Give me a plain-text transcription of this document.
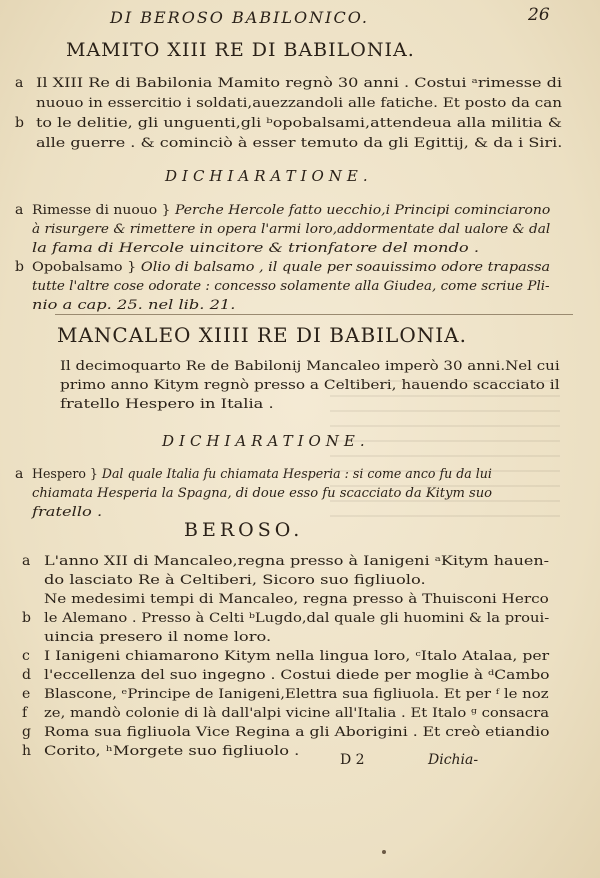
DI BEROSO BABILONICO.	26
MAMITO XIII RE DI BABILONIA.
a Il XIII Re di Babilonia Mamito regnò 30 anni . Costui ᵃrimesse di
nuouo in essercitio i soldati,auezzandoli alle fatiche. Et posto da can
b to le delitie, gli unguenti,gli ᵇopobalsami,attendeua alla militia &
alle guerre . & cominciò à esser temuto da gli Egittij, & da i Siri.
DICHIARATIONE.
a Rimesse di nuouo } Perche Hercole fatto uecchio,i Principi cominciarono
à risurgere & rimettere in opera l'armi loro,addormentate dal ualore & dal
la fama di Hercole uincitore & trionfatore del mondo .
b Opobalsamo } Olio di balsamo , il quale per soauissimo odore trapassa
tutte l'altre cose odorate : concesso solamente alla Giudea, come scriue Pli-
nio a cap. 25. nel lib. 21.
MANCALEO XIIII RE DI BABILONIA.
Il decimoquarto Re de Babilonij Mancaleo imperò 30 anni.Nel cui
primo anno Kitym regnò presso a Celtiberi, hauendo scacciato il
fratello Hespero in Italia .
DICHIARATIONE.
a Hespero } Dal quale Italia fu chiamata Hesperia : si come anco fu da lui
chiamata Hesperia la Spagna, di doue esso fu scacciato da Kitym suo
fratello .
BEROSO.
a L'anno XII di Mancaleo,regna presso à Ianigeni ᵃKitym hauen-
do lasciato Re à Celtiberi, Sicoro suo figliuolo.
Ne medesimi tempi di Mancaleo, regna presso à Thuisconi Herco
b le Alemano . Presso à Celti ᵇLugdo,dal quale gli huomini & la proui-
uincia presero il nome loro.
c I Ianigeni chiamarono Kitym nella lingua loro, ᶜItalo Atalaa, per
d l'eccellenza del suo ingegno . Costui diede per moglie à ᵈCambo
e Blascone, ᵉPrincipe de Ianigeni,Elettra sua figliuola. Et per ᶠ le noz
f ze, mandò colonie di là dall'alpi vicine all'Italia . Et Italo ᵍ consacra
g Roma sua figliuola Vice Regina a gli Aborigini . Et creò etiandio
h Corito, ʰMorgete suo figliuolo .
D 2	Dichia-
